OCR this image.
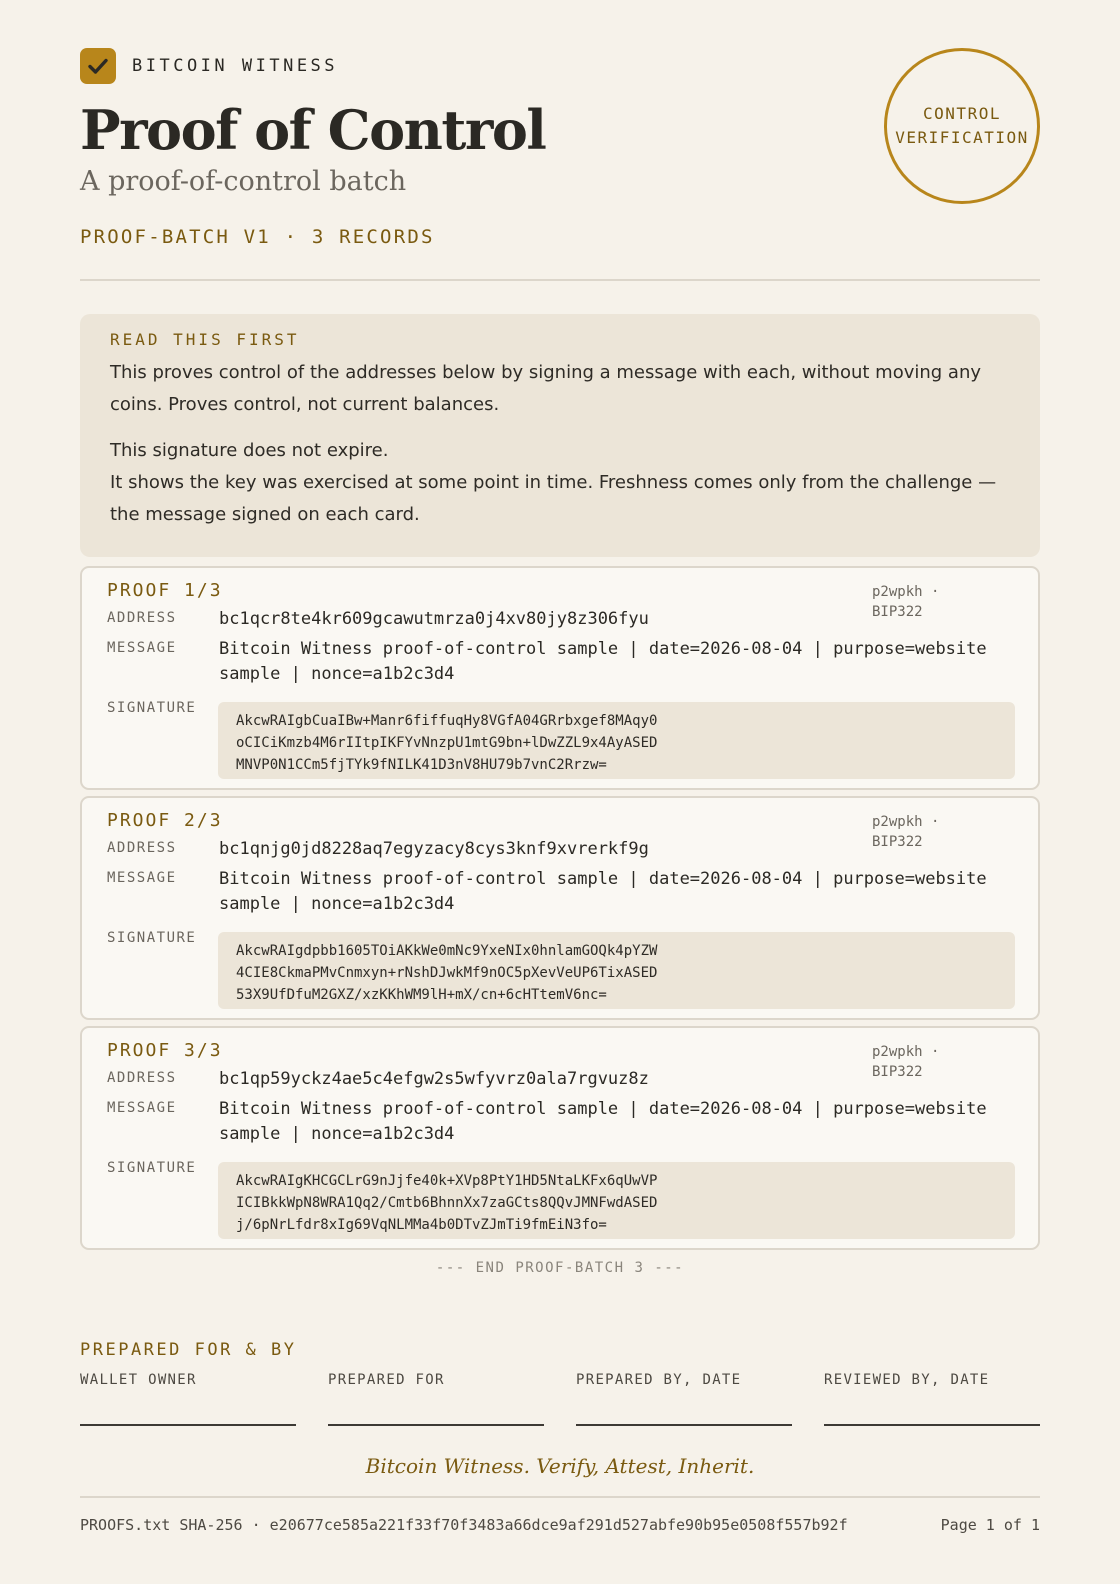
BITCOIN WITNESS
Proof of Control
A proof-of-control batch
PROOF-BATCH V1 · 3 RECORDS
CONTROL
VERIFICATION
READ THIS FIRST

This proves control of the addresses below by signing a message with each, without moving any coins. Proves control, not current balances.

This signature does not expire.
It shows the key was exercised at some point in time. Freshness comes only from the challenge — the message signed on each card.

PROOF 1/3	p2wpkh · BIP322
ADDRESS bc1qcr8te4kr609gcawutmrza0j4xv80jy8z306fyu
MESSAGE Bitcoin Witness proof-of-control sample | date=2026-08-04 | purpose=website sample | nonce=a1b2c3d4
SIGNATURE
AkcwRAIgbCuaIBw+Manr6fiffuqHy8VGfA04GRrbxgef8MAqy0
oCICiKmzb4M6rIItpIKFYvNnzpU1mtG9bn+lDwZZL9x4AyASED
MNVP0N1CCm5fjTYk9fNILK41D3nV8HU79b7vnC2Rrzw=
PROOF 2/3	p2wpkh · BIP322
ADDRESS bc1qnjg0jd8228aq7egyzacy8cys3knf9xvrerkf9g
MESSAGE Bitcoin Witness proof-of-control sample | date=2026-08-04 | purpose=website sample | nonce=a1b2c3d4
SIGNATURE
AkcwRAIgdpbb1605TOiAKkWe0mNc9YxeNIx0hnlamGOQk4pYZW
4CIE8CkmaPMvCnmxyn+rNshDJwkMf9nOC5pXevVeUP6TixASED
53X9UfDfuM2GXZ/xzKKhWM9lH+mX/cn+6cHTtemV6nc=
PROOF 3/3	p2wpkh · BIP322
ADDRESS bc1qp59yckz4ae5c4efgw2s5wfyvrz0ala7rgvuz8z
MESSAGE Bitcoin Witness proof-of-control sample | date=2026-08-04 | purpose=website sample | nonce=a1b2c3d4
SIGNATURE
AkcwRAIgKHCGCLrG9nJjfe40k+XVp8PtY1HD5NtaLKFx6qUwVP
ICIBkkWpN8WRA1Qq2/Cmtb6BhnnXx7zaGCts8QQvJMNFwdASED
j/6pNrLfdr8xIg69VqNLMMa4b0DTvZJmTi9fmEiN3fo=
--- END PROOF-BATCH 3 ---
PREPARED FOR & BY
WALLET OWNER	PREPARED FOR	PREPARED BY, DATE	REVIEWED BY, DATE
Bitcoin Witness. Verify, Attest, Inherit.
PROOFS.txt SHA-256 · e20677ce585a221f33f70f3483a66dce9af291d527abfe90b95e0508f557b92f	Page 1 of 1
